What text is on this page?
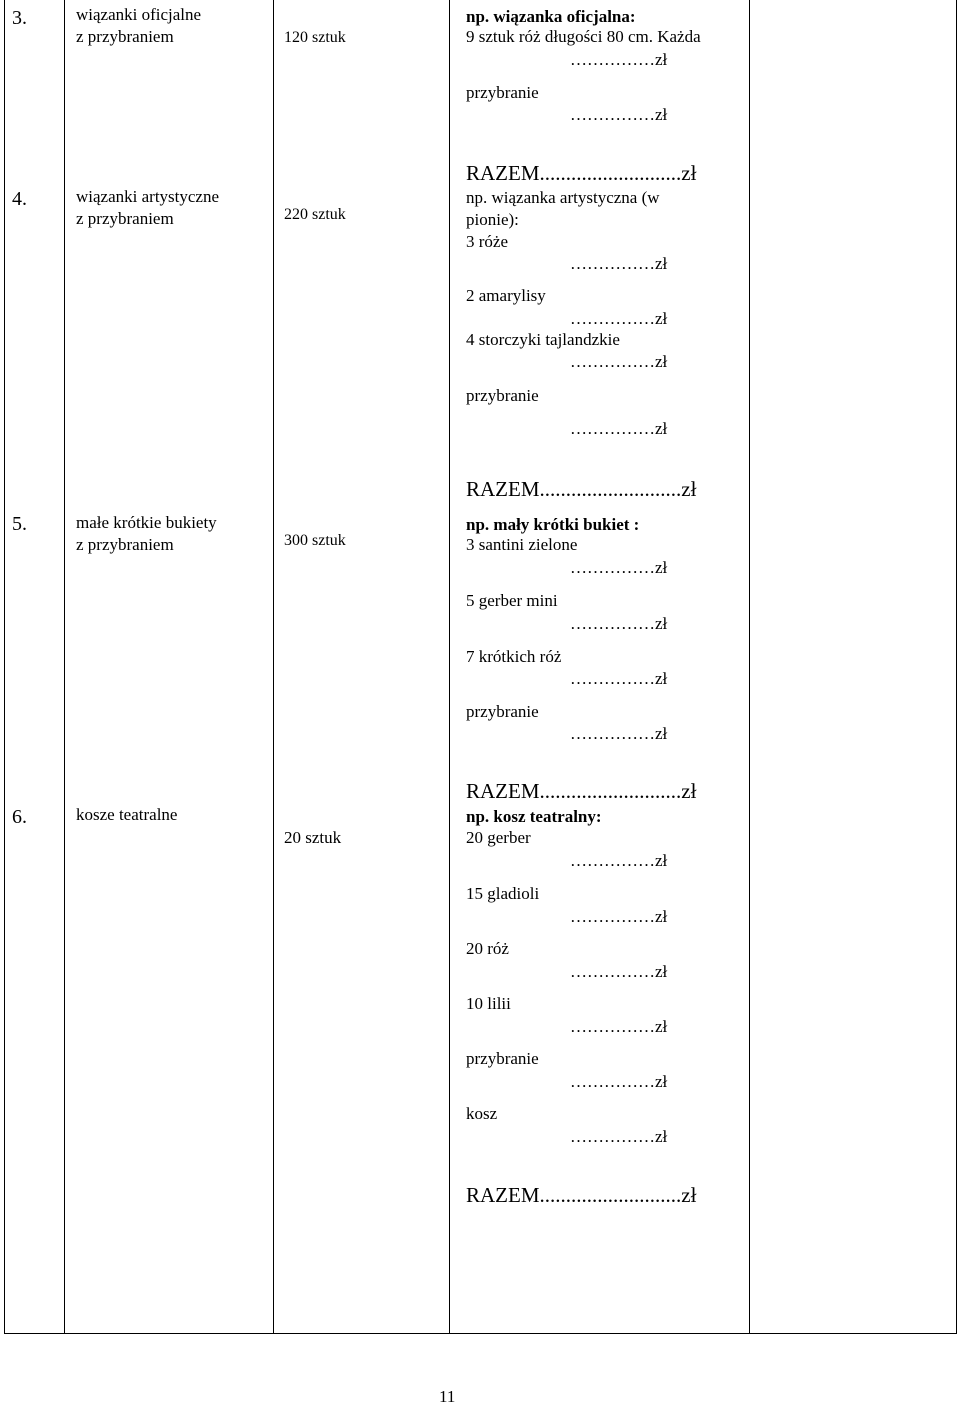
3.	wiązanki oficjalne
z przybraniem	120 sztuk
np. wiązanka oficjalna:
9 sztuk róż długości 80 cm. Każda
……………zł
przybranie
……………zł
RAZEM...........................zł
4.	wiązanki artystyczne
z przybraniem	220 sztuk
np. wiązanka artystyczna (w
pionie):
3 róże
……………zł
2 amarylisy
……………zł
4 storczyki tajlandzkie
……………zł
przybranie
……………zł
RAZEM...........................zł
5.	małe krótkie bukiety
z przybraniem	300 sztuk
np. mały krótki bukiet :
3 santini zielone
……………zł
5 gerber mini
……………zł
7 krótkich róż
……………zł
przybranie
……………zł
RAZEM...........................zł
6.	kosze teatralne
20 sztuk
np. kosz teatralny:
20 gerber
……………zł
15 gladioli
……………zł
20 róż
……………zł
10 lilii
……………zł
przybranie
……………zł
kosz
……………zł
RAZEM...........................zł
11
